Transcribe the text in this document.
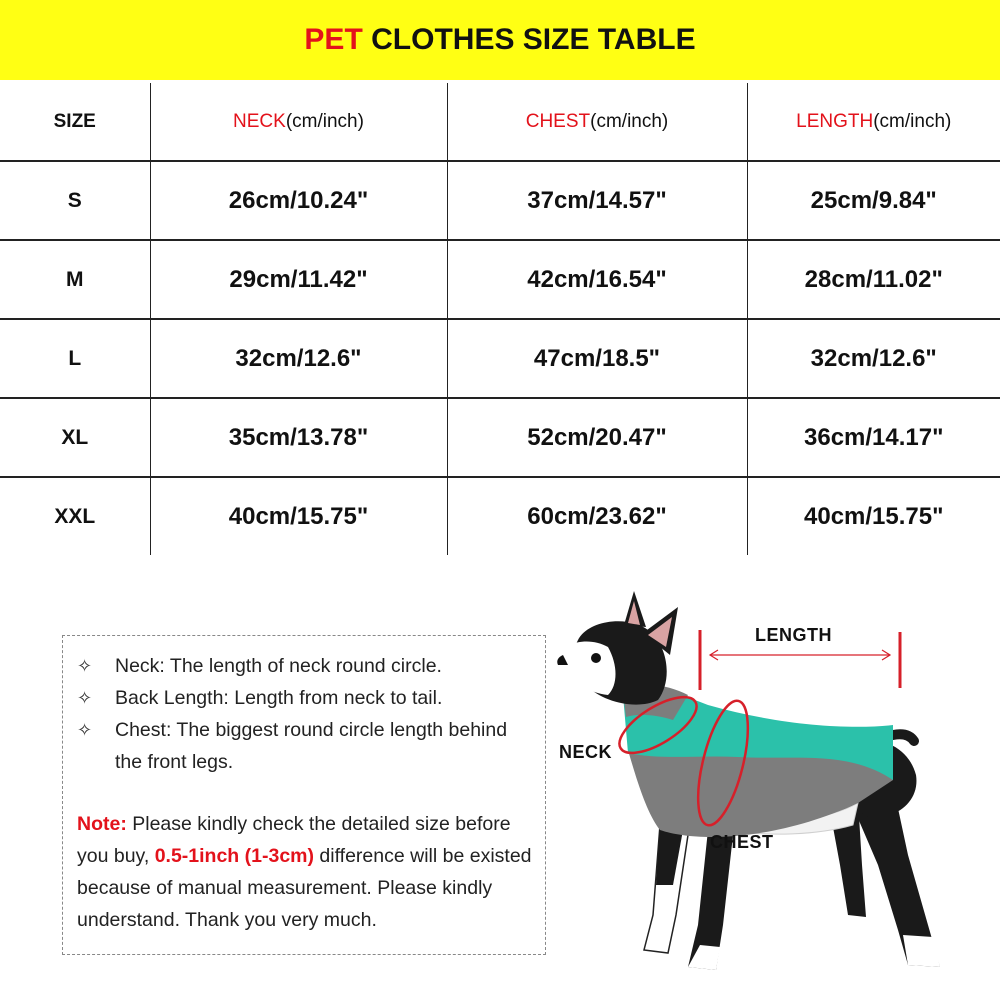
PET
CLOTHES SIZE TABLE
SIZE	NECK(cm/inch)	CHEST(cm/inch)	LENGTH(cm/inch)
S	26cm/10.24"	37cm/14.57"	25cm/9.84"
M	29cm/11.42"	42cm/16.54"	28cm/11.02"
L	32cm/12.6"	47cm/18.5"	32cm/12.6"
XL	35cm/13.78"	52cm/20.47"	36cm/14.17"
XXL	40cm/15.75"	60cm/23.62"	40cm/15.75"
✧	Neck: The length of neck round circle.
✧	Back Length: Length from neck to tail.
✧	Chest: The biggest round circle length behind the front legs.
Note: Please kindly check the detailed size before you buy, 0.5-1inch (1-3cm) difference will be existed because of manual measurement. Please kindly understand. Thank you very much.
LENGTH
NECK
CHEST
